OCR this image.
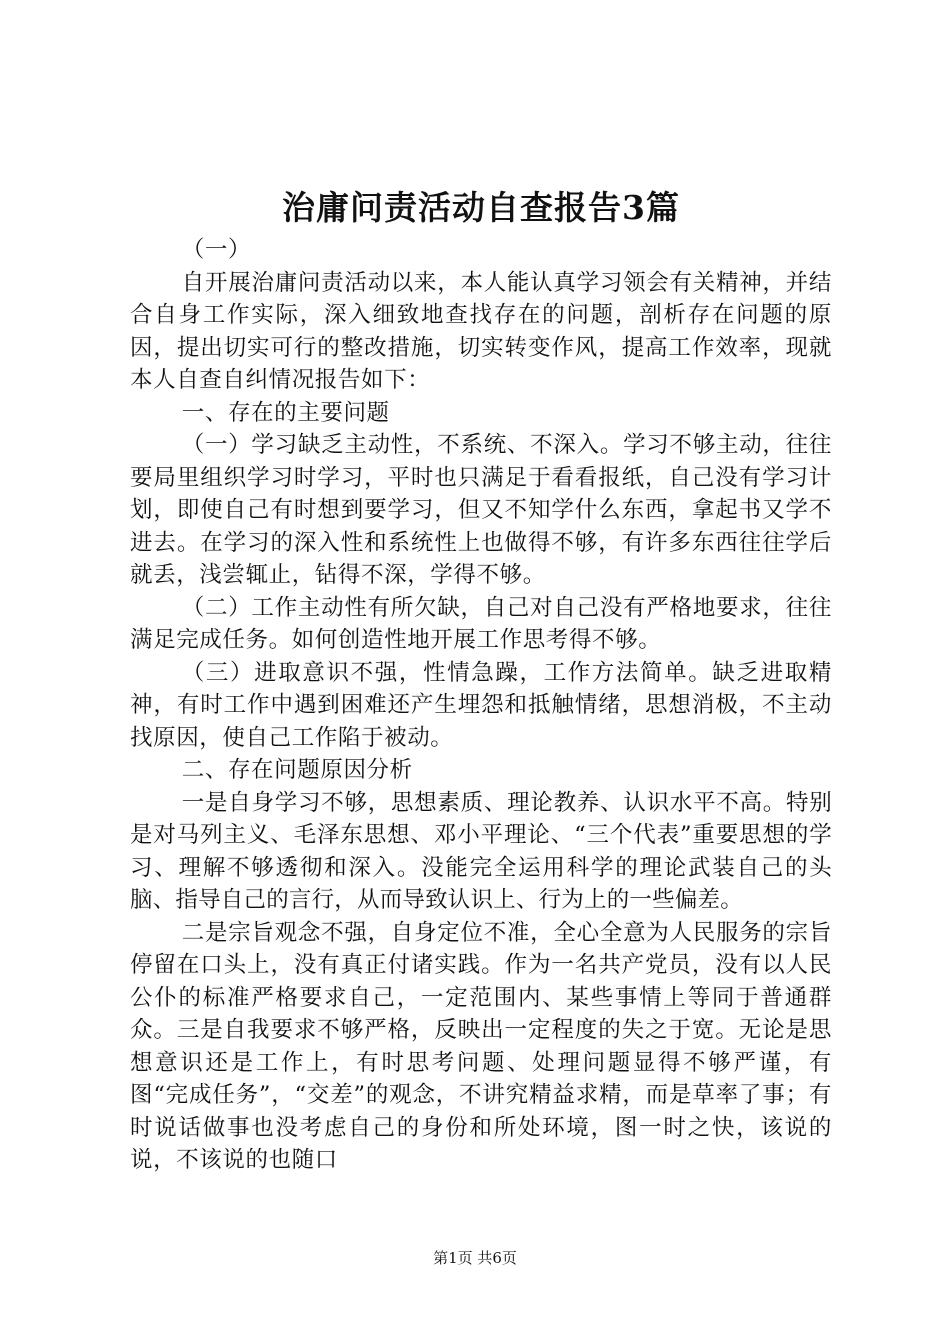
治庸问责活动自查报告3篇

（一）

自开展治庸问责活动以来，本人能认真学习领会有关精神，并结合自身工作实际，深入细致地查找存在的问题，剖析存在问题的原因，提出切实可行的整改措施，切实转变作风，提高工作效率，现就本人自查自纠情况报告如下：

一、存在的主要问题

（一）学习缺乏主动性，不系统、不深入。学习不够主动，往往要局里组织学习时学习，平时也只满足于看看报纸，自己没有学习计划，即使自己有时想到要学习，但又不知学什么东西，拿起书又学不进去。在学习的深入性和系统性上也做得不够，有许多东西往往学后就丢，浅尝辄止，钻得不深，学得不够。

（二）工作主动性有所欠缺，自己对自己没有严格地要求，往往满足完成任务。如何创造性地开展工作思考得不够。

（三）进取意识不强，性情急躁，工作方法简单。缺乏进取精神，有时工作中遇到困难还产生埋怨和抵触情绪，思想消极，不主动找原因，使自己工作陷于被动。

二、存在问题原因分析

一是自身学习不够，思想素质、理论教养、认识水平不高。特别是对马列主义、毛泽东思想、邓小平理论、“三个代表”重要思想的学习、理解不够透彻和深入。没能完全运用科学的理论武装自己的头脑、指导自己的言行，从而导致认识上、行为上的一些偏差。

二是宗旨观念不强，自身定位不准，全心全意为人民服务的宗旨停留在口头上，没有真正付诸实践。作为一名共产党员，没有以人民公仆的标准严格要求自己，一定范围内、某些事情上等同于普通群众。三是自我要求不够严格，反映出一定程度的失之于宽。无论是思想意识还是工作上，有时思考问题、处理问题显得不够严谨，有图“完成任务”，“交差”的观念，不讲究精益求精，而是草率了事；有时说话做事也没考虑自己的身份和所处环境，图一时之快，该说的说，不该说的也随口

第1页 共6页
